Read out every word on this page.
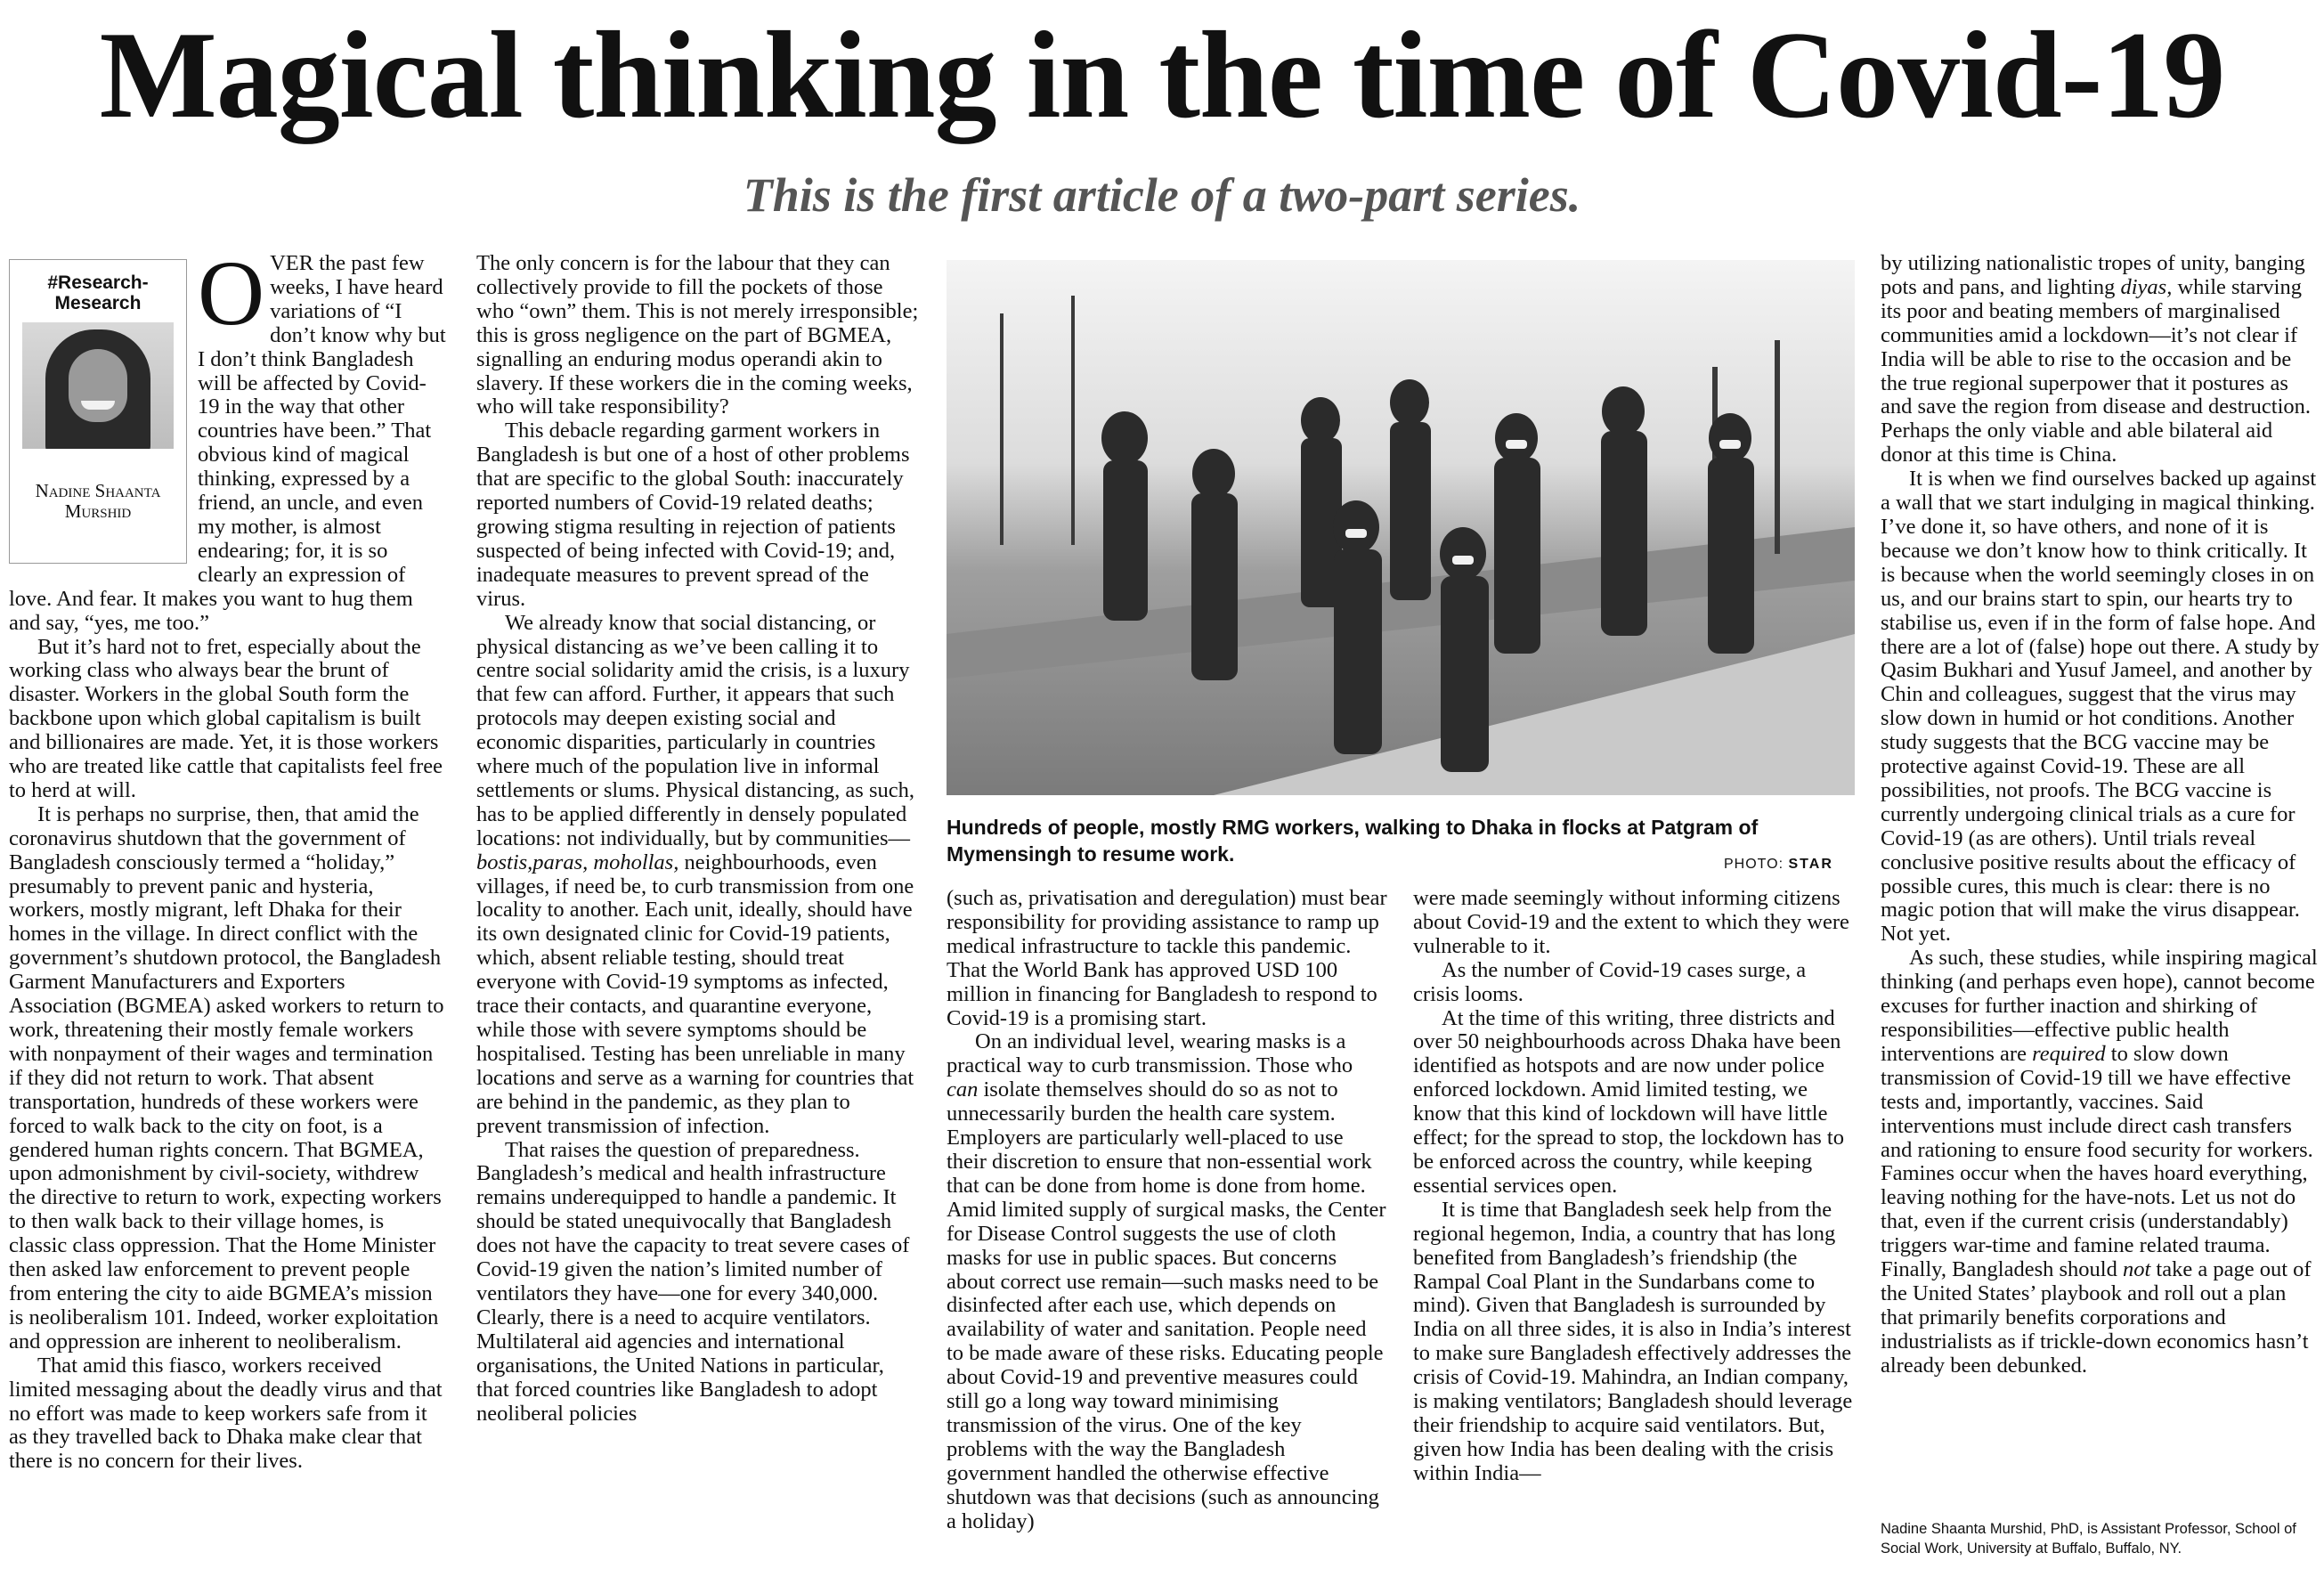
Magical thinking in the time of Covid-19
This is the first article of a two-part series.
#Research-Mesearch
Nadine Shaanta Murshid

OVER the past few weeks, I have heard variations of “I don’t know why but I don’t think Bangladesh will be affected by Covid-19 in the way that other countries have been.” That obvious kind of magical thinking, expressed by a friend, an uncle, and even my mother, is almost endearing; for, it is so clearly an expression of love. And fear. It makes you want to hug them and say, “yes, me too.”

But it’s hard not to fret, especially about the working class who always bear the brunt of disaster. Workers in the global South form the backbone upon which global capitalism is built and billionaires are made. Yet, it is those workers who are treated like cattle that capitalists feel free to herd at will.

It is perhaps no surprise, then, that amid the coronavirus shutdown that the government of Bangladesh consciously termed a “holiday,” presumably to prevent panic and hysteria, workers, mostly migrant, left Dhaka for their homes in the village. In direct conflict with the government’s shutdown protocol, the Bangladesh Garment Manufacturers and Exporters Association (BGMEA) asked workers to return to work, threatening their mostly female workers with nonpayment of their wages and termination if they did not return to work. That absent transportation, hundreds of these workers were forced to walk back to the city on foot, is a gendered human rights concern. That BGMEA, upon admonishment by civil-society, withdrew the directive to return to work, expecting workers to then walk back to their village homes, is classic class oppression. That the Home Minister then asked law enforcement to prevent people from entering the city to aide BGMEA’s mission is neoliberalism 101. Indeed, worker exploitation and oppression are inherent to neoliberalism.

That amid this fiasco, workers received limited messaging about the deadly virus and that no effort was made to keep workers safe from it as they travelled back to Dhaka make clear that there is no concern for their lives.

The only concern is for the labour that they can collectively provide to fill the pockets of those who “own” them. This is not merely irresponsible; this is gross negligence on the part of BGMEA, signalling an enduring modus operandi akin to slavery. If these workers die in the coming weeks, who will take responsibility?

This debacle regarding garment workers in Bangladesh is but one of a host of other problems that are specific to the global South: inaccurately reported numbers of Covid-19 related deaths; growing stigma resulting in rejection of patients suspected of being infected with Covid-19; and, inadequate measures to prevent spread of the virus.

We already know that social distancing, or physical distancing as we’ve been calling it to centre social solidarity amid the crisis, is a luxury that few can afford. Further, it appears that such protocols may deepen existing social and economic disparities, particularly in countries where much of the population live in informal settlements or slums. Physical distancing, as such, has to be applied differently in densely populated locations: not individually, but by communities—bostis,paras, mohollas, neighbourhoods, even villages, if need be, to curb transmission from one locality to another. Each unit, ideally, should have its own designated clinic for Covid-19 patients, which, absent reliable testing, should treat everyone with Covid-19 symptoms as infected, trace their contacts, and quarantine everyone, while those with severe symptoms should be hospitalised. Testing has been unreliable in many locations and serve as a warning for countries that are behind in the pandemic, as they plan to prevent transmission of infection.

That raises the question of preparedness. Bangladesh’s medical and health infrastructure remains underequipped to handle a pandemic. It should be stated unequivocally that Bangladesh does not have the capacity to treat severe cases of Covid-19 given the nation’s limited number of ventilators they have—one for every 340,000. Clearly, there is a need to acquire ventilators. Multilateral aid agencies and international organisations, the United Nations in particular, that forced countries like Bangladesh to adopt neoliberal policies

Hundreds of people, mostly RMG workers, walking to Dhaka in flocks at Patgram of Mymensingh to resume work.	PHOTO: STAR

(such as, privatisation and deregulation) must bear responsibility for providing assistance to ramp up medical infrastructure to tackle this pandemic. That the World Bank has approved USD 100 million in financing for Bangladesh to respond to Covid-19 is a promising start.

On an individual level, wearing masks is a practical way to curb transmission. Those who can isolate themselves should do so as not to unnecessarily burden the health care system. Employers are particularly well-placed to use their discretion to ensure that non-essential work that can be done from home is done from home. Amid limited supply of surgical masks, the Center for Disease Control suggests the use of cloth masks for use in public spaces. But concerns about correct use remain—such masks need to be disinfected after each use, which depends on availability of water and sanitation. People need to be made aware of these risks. Educating people about Covid-19 and preventive measures could still go a long way toward minimising transmission of the virus. One of the key problems with the way the Bangladesh government handled the otherwise effective shutdown was that decisions (such as announcing a holiday)

were made seemingly without informing citizens about Covid-19 and the extent to which they were vulnerable to it.

As the number of Covid-19 cases surge, a crisis looms.

At the time of this writing, three districts and over 50 neighbourhoods across Dhaka have been identified as hotspots and are now under police enforced lockdown. Amid limited testing, we know that this kind of lockdown will have little effect; for the spread to stop, the lockdown has to be enforced across the country, while keeping essential services open.

It is time that Bangladesh seek help from the regional hegemon, India, a country that has long benefited from Bangladesh’s friendship (the Rampal Coal Plant in the Sundarbans come to mind). Given that Bangladesh is surrounded by India on all three sides, it is also in India’s interest to make sure Bangladesh effectively addresses the crisis of Covid-19. Mahindra, an Indian company, is making ventilators; Bangladesh should leverage their friendship to acquire said ventilators. But, given how India has been dealing with the crisis within India—

by utilizing nationalistic tropes of unity, banging pots and pans, and lighting diyas, while starving its poor and beating members of marginalised communities amid a lockdown—it’s not clear if India will be able to rise to the occasion and be the true regional superpower that it postures as and save the region from disease and destruction. Perhaps the only viable and able bilateral aid donor at this time is China.

It is when we find ourselves backed up against a wall that we start indulging in magical thinking. I’ve done it, so have others, and none of it is because we don’t know how to think critically. It is because when the world seemingly closes in on us, and our brains start to spin, our hearts try to stabilise us, even if in the form of false hope. And there are a lot of (false) hope out there. A study by Qasim Bukhari and Yusuf Jameel, and another by Chin and colleagues, suggest that the virus may slow down in humid or hot conditions. Another study suggests that the BCG vaccine may be protective against Covid-19. These are all possibilities, not proofs. The BCG vaccine is currently undergoing clinical trials as a cure for Covid-19 (as are others). Until trials reveal conclusive positive results about the efficacy of possible cures, this much is clear: there is no magic potion that will make the virus disappear. Not yet.

As such, these studies, while inspiring magical thinking (and perhaps even hope), cannot become excuses for further inaction and shirking of responsibilities—effective public health interventions are required to slow down transmission of Covid-19 till we have effective tests and, importantly, vaccines. Said interventions must include direct cash transfers and rationing to ensure food security for workers. Famines occur when the haves hoard everything, leaving nothing for the have-nots. Let us not do that, even if the current crisis (understandably) triggers war-time and famine related trauma. Finally, Bangladesh should not take a page out of the United States’ playbook and roll out a plan that primarily benefits corporations and industrialists as if trickle-down economics hasn’t already been debunked.

Nadine Shaanta Murshid, PhD, is Assistant Professor, School of Social Work, University at Buffalo, Buffalo, NY.
